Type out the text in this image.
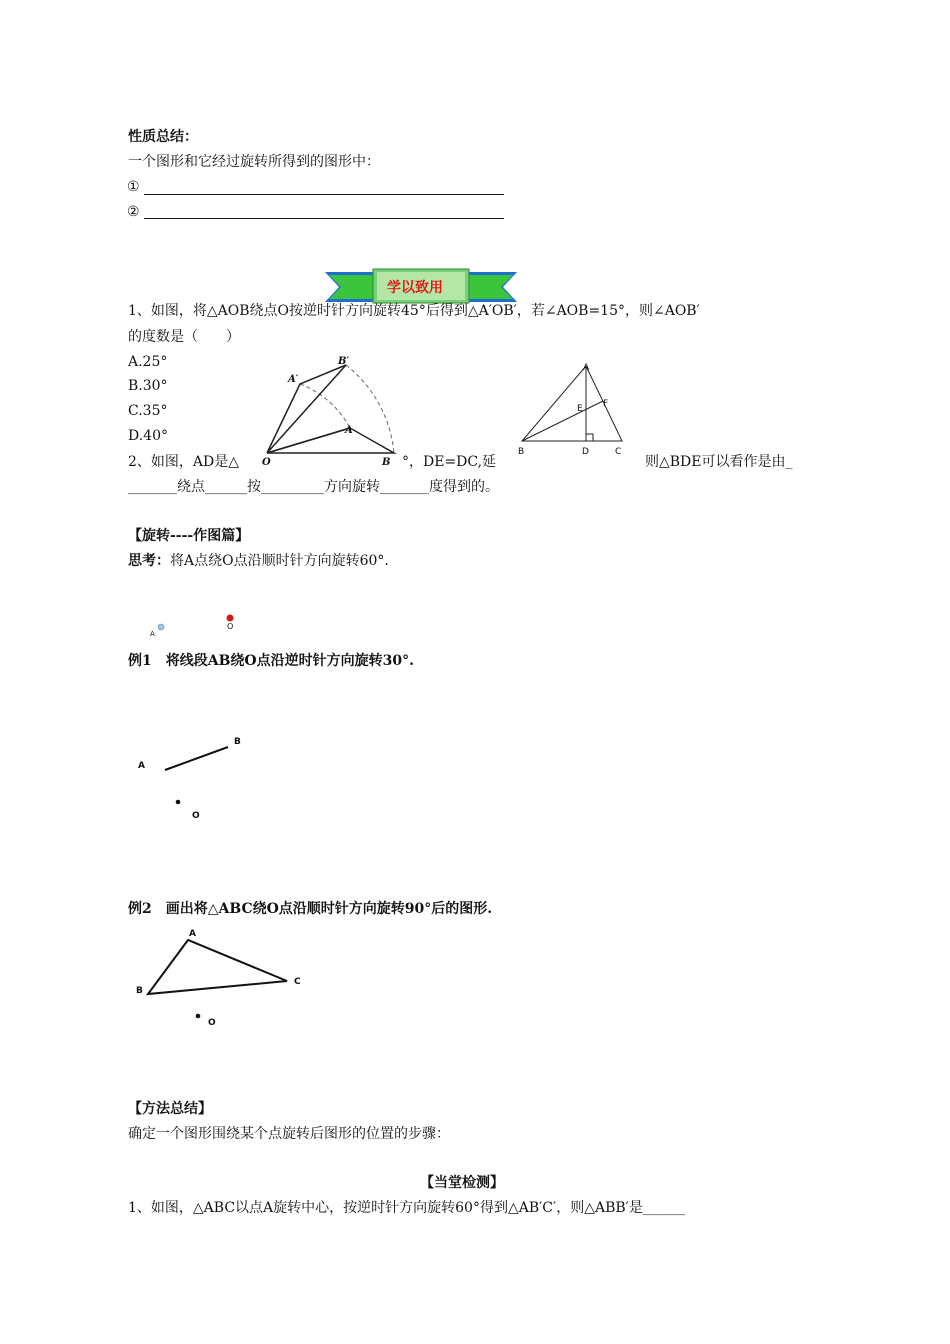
性质总结：
一个图形和它经过旋转所得到的图形中：
①
②
学以致用
1、如图，将△AOB绕点O按逆时针方向旋转45°后得到△A′OB′，若∠AOB=15°，则∠AOB′
的度数是（　　）
A.25°
B.30°
C.35°
D.40°
O	B
A
A′
B′
A
E F
B	D	C
2、如图，AD是△	°，DE=DC,延	则△BDE可以看作是由_
_______绕点______按_________方向旋转_______度得到的。
【旋转----作图篇】
思考：将A点绕O点沿顺时针方向旋转60°.
A
O
例1　将线段AB绕O点沿逆时针方向旋转30°.
A
B
O
例2　画出将△ABC绕O点沿顺时针方向旋转90°后的图形.
A
B
C
O
【方法总结】
确定一个图形围绕某个点旋转后图形的位置的步骤：
【当堂检测】
1、如图，△ABC以点A旋转中心，按逆时针方向旋转60°得到△AB′C′，则△ABB′是______
